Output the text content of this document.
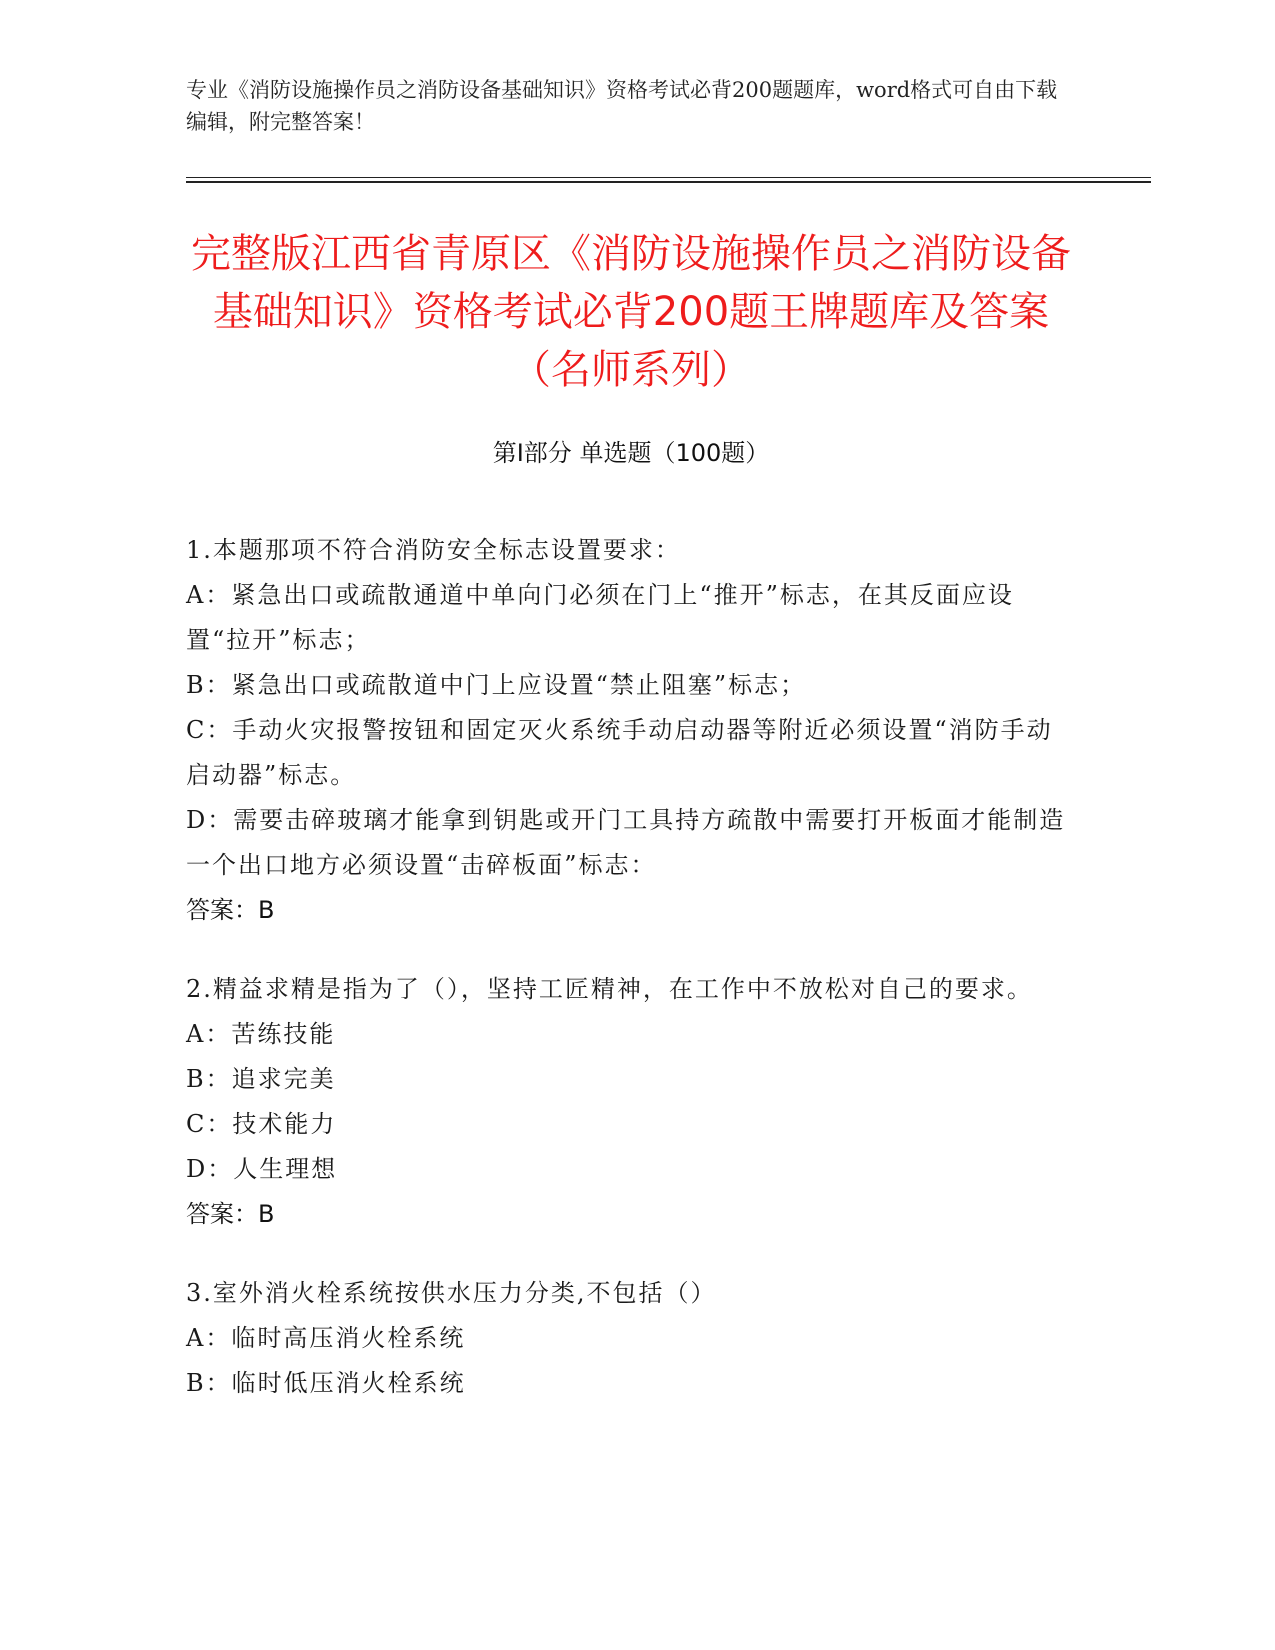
专业《消防设施操作员之消防设备基础知识》资格考试必背200题题库，word格式可自由下载编辑，附完整答案！
完整版江西省青原区《消防设施操作员之消防设备基础知识》资格考试必背200题王牌题库及答案（名师系列）
第Ⅰ部分 单选题（100题）

1.本题那项不符合消防安全标志设置要求：

A：紧急出口或疏散通道中单向门必须在门上“推开”标志，在其反面应设置“拉开”标志；

B：紧急出口或疏散道中门上应设置“禁止阻塞”标志；

C：手动火灾报警按钮和固定灭火系统手动启动器等附近必须设置“消防手动启动器”标志。

D：需要击碎玻璃才能拿到钥匙或开门工具持方疏散中需要打开板面才能制造一个出口地方必须设置“击碎板面”标志：

答案：B

2.精益求精是指为了（），坚持工匠精神，在工作中不放松对自己的要求。

A：苦练技能

B：追求完美

C：技术能力

D：人生理想

答案：B

3.室外消火栓系统按供水压力分类,不包括（）

A：临时高压消火栓系统

B：临时低压消火栓系统
